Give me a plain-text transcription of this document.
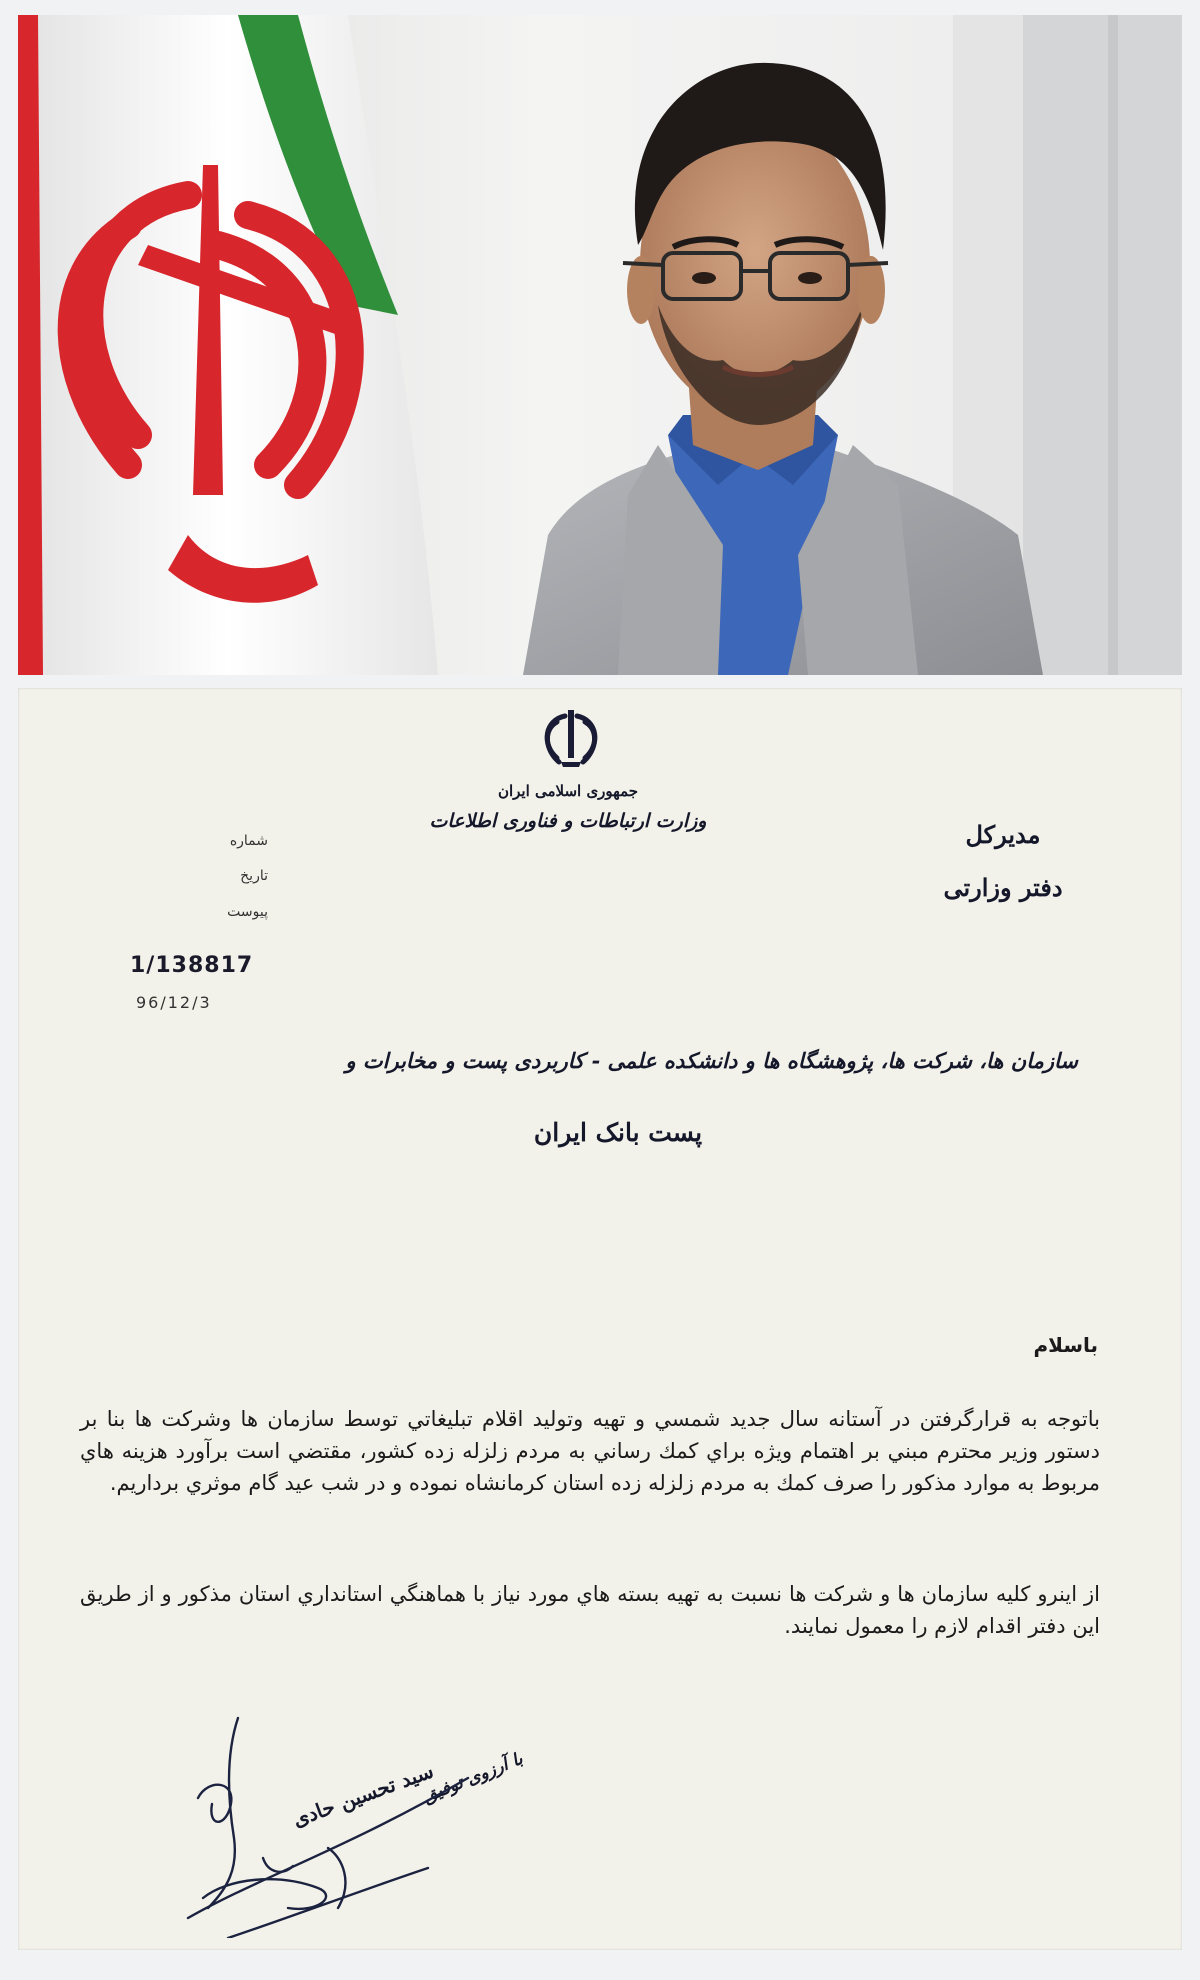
جمهوری اسلامی ایران
وزارت ارتباطات و فناوری اطلاعات	مدیرکل
دفتر وزارتی
شماره
تاریخ
پیوست
1/138817
96/12/3
سازمان ها، شرکت ها، پژوهشگاه ها و دانشکده علمی - کاربردی پست و مخابرات و
پست بانک ایران
باسلام
باتوجه به قرارگرفتن در آستانه سال جديد شمسي و تهيه وتوليد اقلام تبليغاتي توسط سازمان ها وشركت ها بنا بر دستور وزير محترم مبني بر اهتمام ويژه براي كمك رساني به مردم زلزله زده كشور، مقتضي است برآورد هزينه هاي مربوط به موارد مذكور را صرف كمك به مردم زلزله زده استان كرمانشاه نموده و در شب عيد گام موثري برداريم.
از اينرو كليه سازمان ها و شركت ها نسبت به تهيه بسته هاي مورد نياز با هماهنگي استانداري استان مذكور و از طريق اين دفتر اقدام لازم را معمول نمايند.
با آرزوی توفیق
سید تحسین حادی
